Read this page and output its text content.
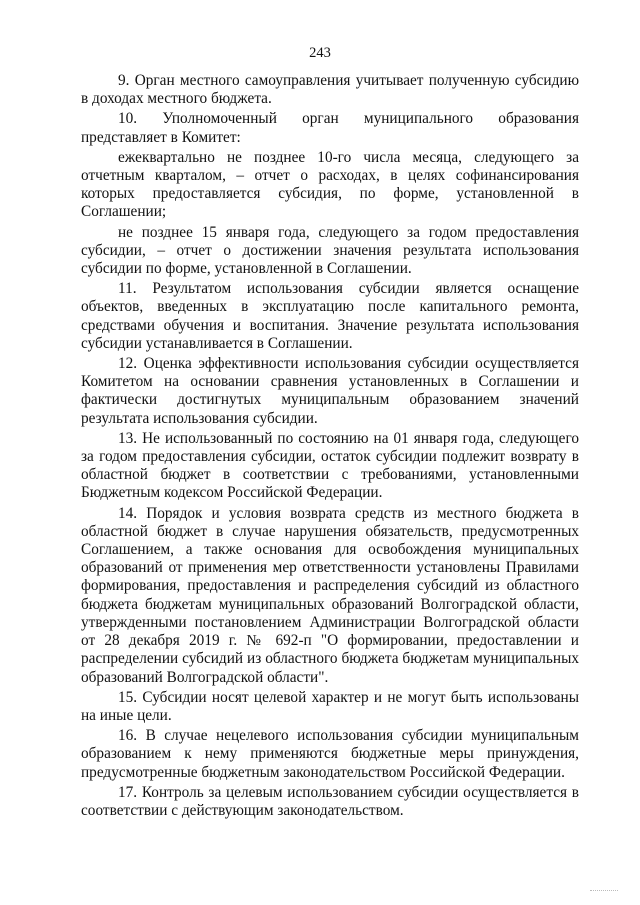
243

9. Орган местного самоуправления учитывает полученную субсидию в доходах местного бюджета.

10. Уполномоченный орган муниципального образования представляет в Комитет:

ежеквартально не позднее 10-го числа месяца, следующего за отчетным кварталом, – отчет о расходах, в целях софинансирования которых предоставляется субсидия, по форме, установленной в Соглашении;

не позднее 15 января года, следующего за годом предоставления субсидии, – отчет о достижении значения результата использования субсидии по форме, установленной в Соглашении.

11. Результатом использования субсидии является оснащение объектов, введенных в эксплуатацию после капитального ремонта, средствами обучения и воспитания. Значение результата использования субсидии устанавливается в Соглашении.

12. Оценка эффективности использования субсидии осуществляется Комитетом на основании сравнения установленных в Соглашении и фактически достигнутых муниципальным образованием значений результата использования субсидии.

13. Не использованный по состоянию на 01 января года, следующего за годом предоставления субсидии, остаток субсидии подлежит возврату в областной бюджет в соответствии с требованиями, установленными Бюджетным кодексом Российской Федерации.

14. Порядок и условия возврата средств из местного бюджета в областной бюджет в случае нарушения обязательств, предусмотренных Соглашением, а также основания для освобождения муниципальных образований от применения мер ответственности установлены Правилами формирования, предоставления и распределения субсидий из областного бюджета бюджетам муниципальных образований Волгоградской области, утвержденными постановлением Администрации Волгоградской области от 28 декабря 2019 г. № 692-п "О формировании, предоставлении и распределении субсидий из областного бюджета бюджетам муниципальных образований Волгоградской области".

15. Субсидии носят целевой характер и не могут быть использованы на иные цели.

16. В случае нецелевого использования субсидии муниципальным образованием к нему применяются бюджетные меры принуждения, предусмотренные бюджетным законодательством Российской Федерации.

17. Контроль за целевым использованием субсидии осуществляется в соответствии с действующим законодательством.
